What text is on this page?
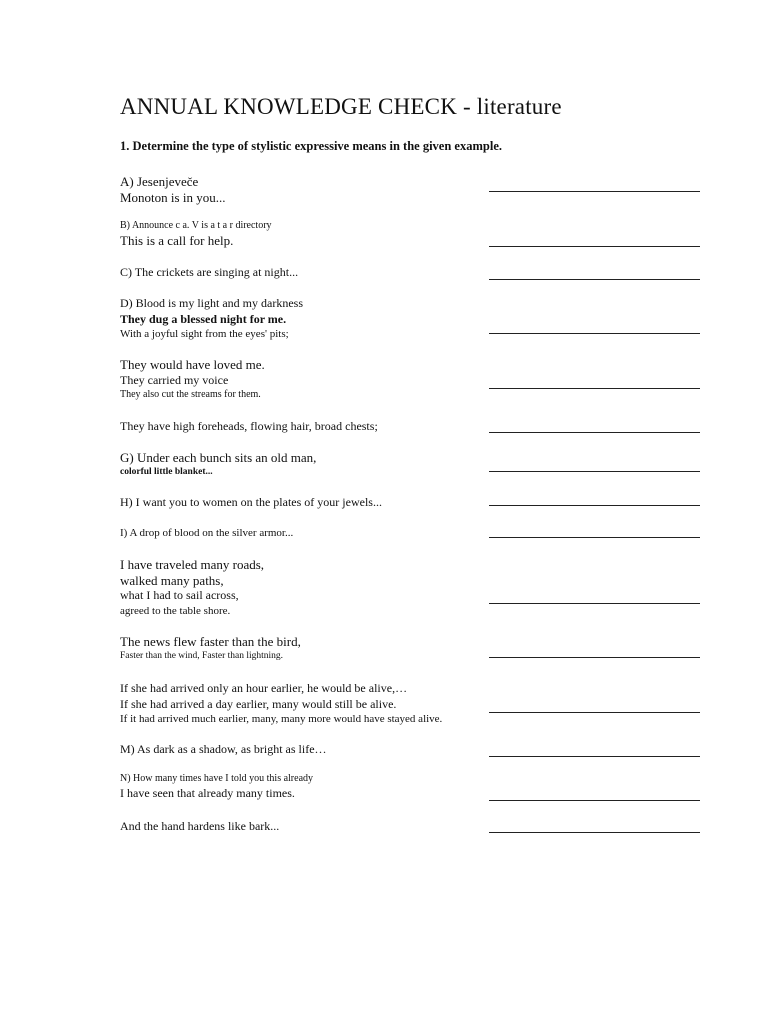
ANNUAL KNOWLEDGE CHECK - literature

1. Determine the type of stylistic expressive means in the given example.

A) Jesenjeveče
Monoton is in you...
B) Announce c a. V is a t a r directory
This is a call for help.
C) The crickets are singing at night...
D) Blood is my light and my darkness
They dug a blessed night for me.
With a joyful sight from the eyes' pits;
They would have loved me.
They carried my voice
They also cut the streams for them.
They have high foreheads, flowing hair, broad chests;
G) Under each bunch sits an old man,
colorful little blanket...
H) I want you to women on the plates of your jewels...
I) A drop of blood on the silver armor...
I have traveled many roads,
walked many paths,
what I had to sail across,
agreed to the table shore.
The news flew faster than the bird,
Faster than the wind, Faster than lightning.
If she had arrived only an hour earlier, he would be alive,…
If she had arrived a day earlier, many would still be alive.
If it had arrived much earlier, many, many more would have stayed alive.
M) As dark as a shadow, as bright as life…
N) How many times have I told you this already
I have seen that already many times.
And the hand hardens like bark...
